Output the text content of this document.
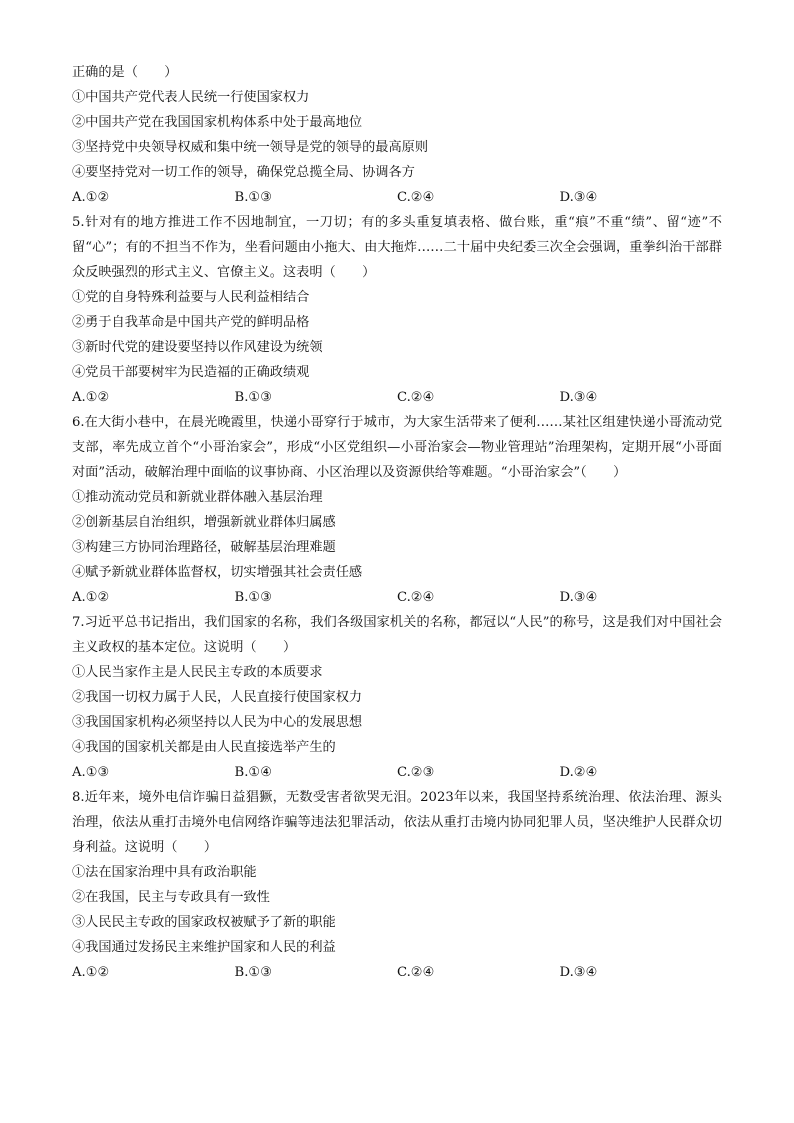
正确的是（　　）
①中国共产党代表人民统一行使国家权力
②中国共产党在我国国家机构体系中处于最高地位
③坚持党中央领导权威和集中统一领导是党的领导的最高原则
④要坚持党对一切工作的领导，确保党总揽全局、协调各方
A.①②	B.①③	C.②④	D.③④
5.针对有的地方推进工作不因地制宜，一刀切；有的多头重复填表格、做台账，重“痕”不重“绩”、留“迹”不留“心”；有的不担当不作为，坐看问题由小拖大、由大拖炸……二十届中央纪委三次全会强调，重拳纠治干部群众反映强烈的形式主义、官僚主义。这表明（　　）
①党的自身特殊利益要与人民利益相结合
②勇于自我革命是中国共产党的鲜明品格
③新时代党的建设要坚持以作风建设为统领
④党员干部要树牢为民造福的正确政绩观
A.①②	B.①③	C.②④	D.③④
6.在大街小巷中，在晨光晚霞里，快递小哥穿行于城市，为大家生活带来了便利……某社区组建快递小哥流动党支部，率先成立首个“小哥治家会”，形成“小区党组织—小哥治家会—物业管理站”治理架构，定期开展“小哥面对面”活动，破解治理中面临的议事协商、小区治理以及资源供给等难题。“小哥治家会”（　　）
①推动流动党员和新就业群体融入基层治理
②创新基层自治组织，增强新就业群体归属感
③构建三方协同治理路径，破解基层治理难题
④赋予新就业群体监督权，切实增强其社会责任感
A.①②	B.①③	C.②④	D.③④
7.习近平总书记指出，我们国家的名称，我们各级国家机关的名称，都冠以“人民”的称号，这是我们对中国社会主义政权的基本定位。这说明（　　）
①人民当家作主是人民民主专政的本质要求
②我国一切权力属于人民，人民直接行使国家权力
③我国国家机构必须坚持以人民为中心的发展思想
④我国的国家机关都是由人民直接选举产生的
A.①③	B.①④	C.②③	D.②④
8.近年来，境外电信诈骗日益猖獗，无数受害者欲哭无泪。2023年以来，我国坚持系统治理、依法治理、源头治理，依法从重打击境外电信网络诈骗等违法犯罪活动，依法从重打击境内协同犯罪人员，坚决维护人民群众切身利益。这说明（　　）
①法在国家治理中具有政治职能
②在我国，民主与专政具有一致性
③人民民主专政的国家政权被赋予了新的职能
④我国通过发扬民主来维护国家和人民的利益
A.①②	B.①③	C.②④	D.③④
